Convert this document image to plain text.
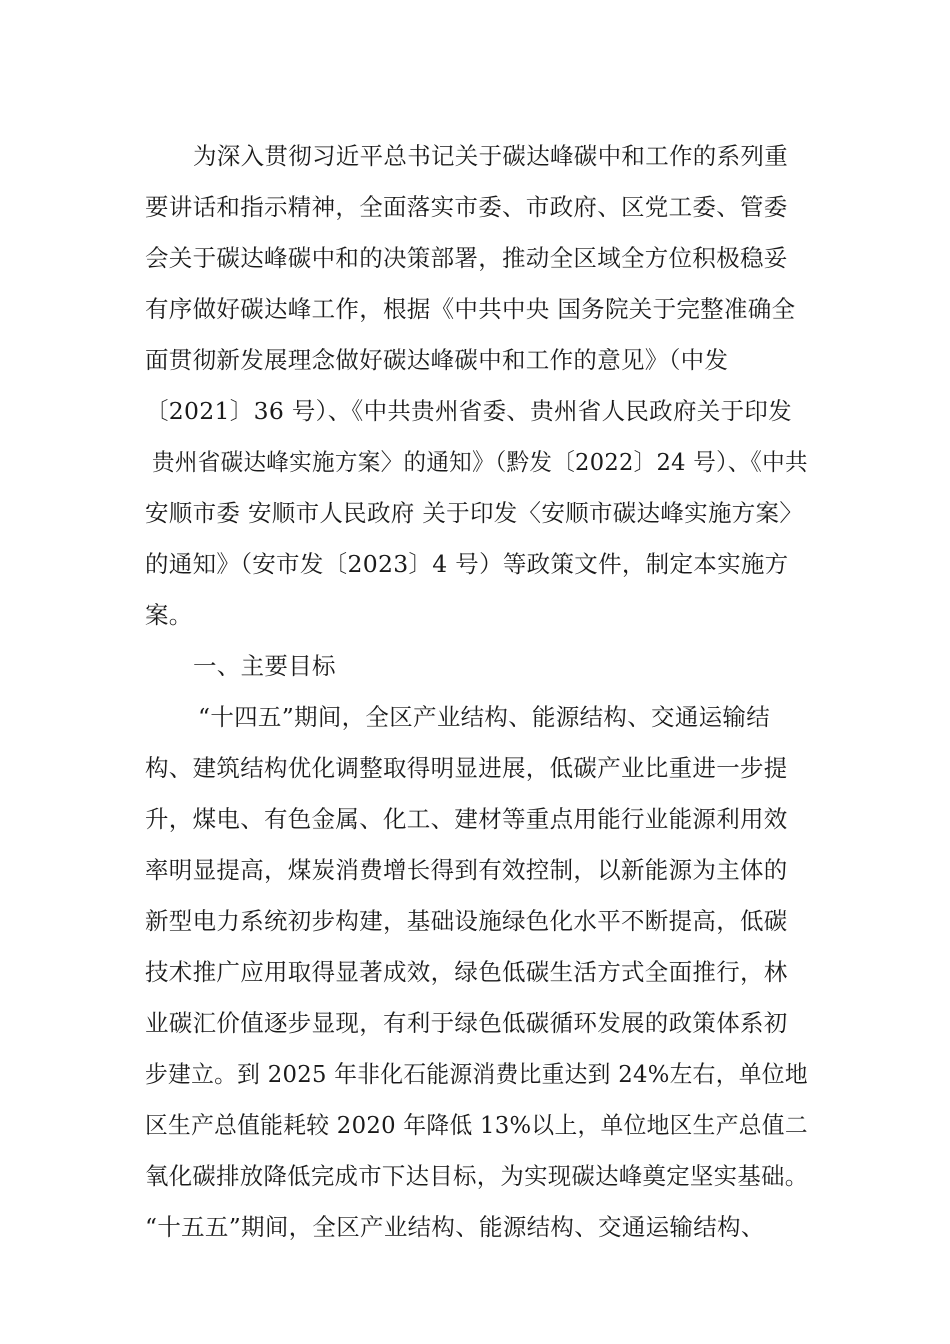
为深入贯彻习近平总书记关于碳达峰碳中和工作的系列重
要讲话和指示精神，全面落实市委、市政府、区党工委、管委
会关于碳达峰碳中和的决策部署，推动全区域全方位积极稳妥
有序做好碳达峰工作，根据《中共中央 国务院关于完整准确全
面贯彻新发展理念做好碳达峰碳中和工作的意见》（中发
〔2021〕36 号）、《中共贵州省委、贵州省人民政府关于印发
贵州省碳达峰实施方案〉的通知》（黔发〔2022〕24 号）、《中共
安顺市委 安顺市人民政府 关于印发〈安顺市碳达峰实施方案〉
的通知》（安市发〔2023〕4 号）等政策文件，制定本实施方
案。
一、主要目标
“十四五”期间，全区产业结构、能源结构、交通运输结
构、建筑结构优化调整取得明显进展，低碳产业比重进一步提
升，煤电、有色金属、化工、建材等重点用能行业能源利用效
率明显提高，煤炭消费增长得到有效控制，以新能源为主体的
新型电力系统初步构建，基础设施绿色化水平不断提高，低碳
技术推广应用取得显著成效，绿色低碳生活方式全面推行，林
业碳汇价值逐步显现，有利于绿色低碳循环发展的政策体系初
步建立。到 2025 年非化石能源消费比重达到 24%左右，单位地
区生产总值能耗较 2020 年降低 13%以上，单位地区生产总值二
氧化碳排放降低完成市下达目标，为实现碳达峰奠定坚实基础。
“十五五”期间，全区产业结构、能源结构、交通运输结构、
